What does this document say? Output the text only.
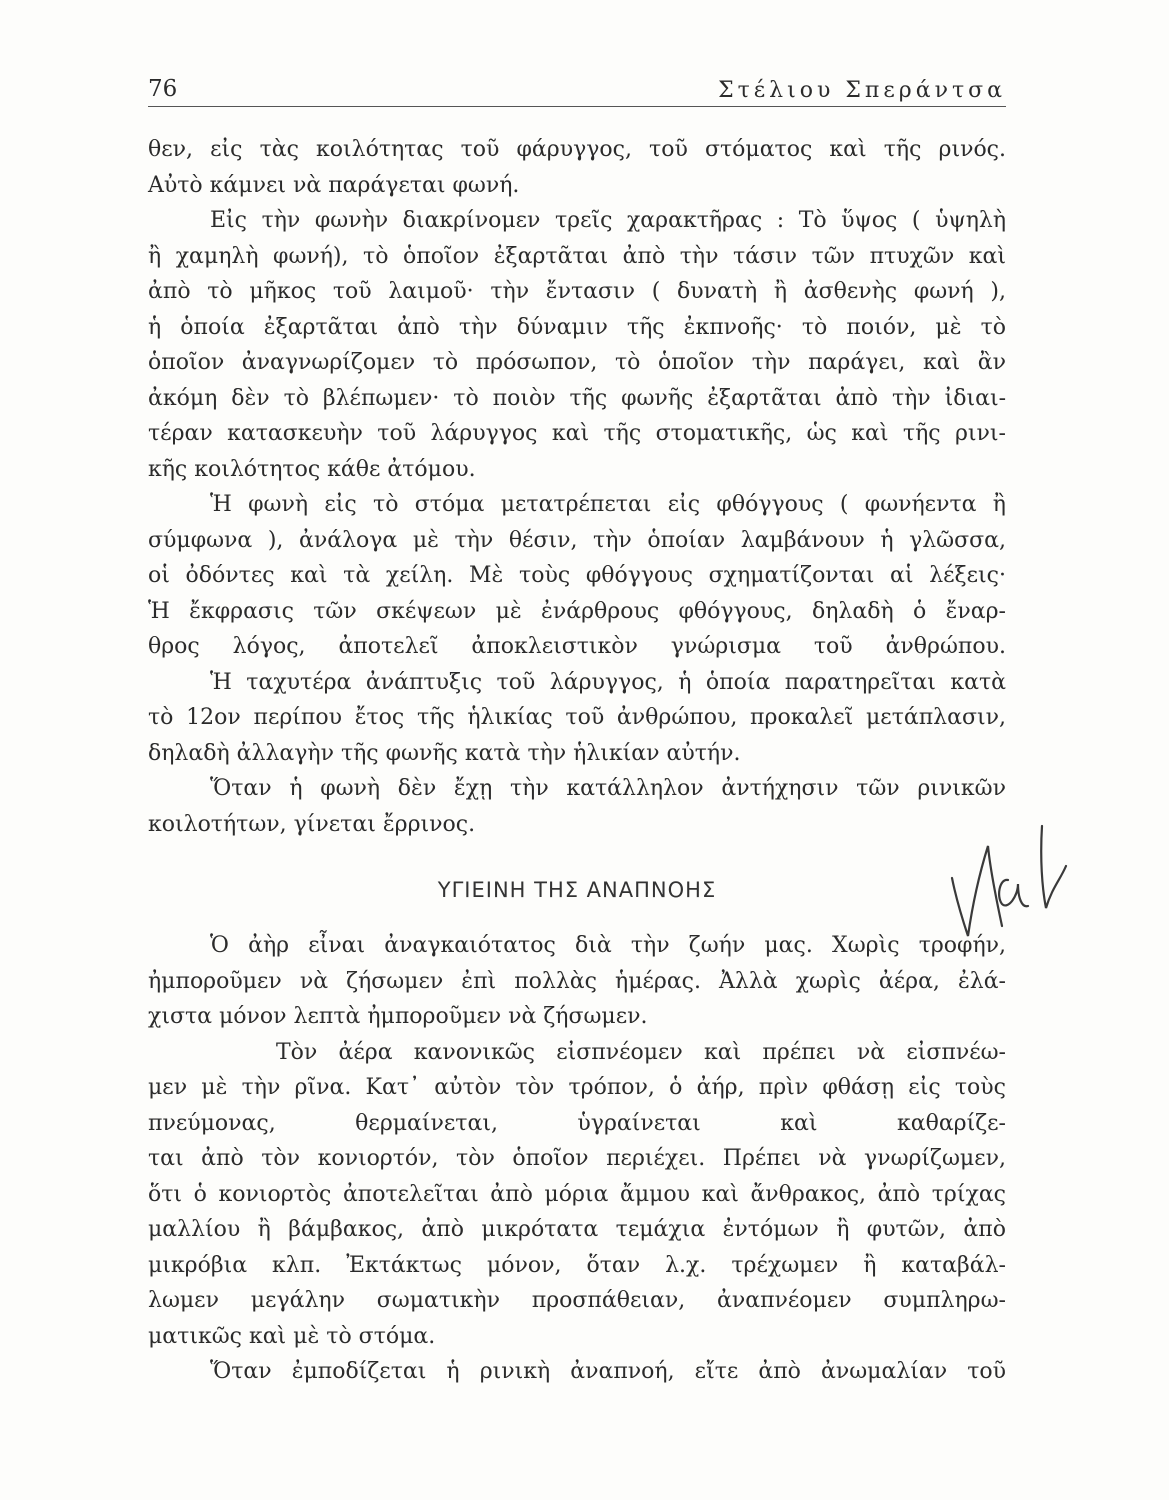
76	Στέλιου Σπεράντσα
θεν, εἰς τὰς κοιλότητας τοῦ φάρυγγος, τοῦ στόματος καὶ τῆς ρινός.
Αὐτὸ κάμνει νὰ παράγεται φωνή.
Εἰς τὴν φωνὴν διακρίνομεν τρεῖς χαρακτῆρας : Τὸ ὕψος ( ὑψηλὴ
ἢ χαμηλὴ φωνή), τὸ ὁποῖον ἐξαρτᾶται ἀπὸ τὴν τάσιν τῶν πτυχῶν καὶ
ἀπὸ τὸ μῆκος τοῦ λαιμοῦ· τὴν ἔντασιν ( δυνατὴ ἢ ἀσθενὴς φωνή ),
ἡ ὁποία ἐξαρτᾶται ἀπὸ τὴν δύναμιν τῆς ἐκπνοῆς· τὸ ποιόν, μὲ τὸ
ὁποῖον ἀναγνωρίζομεν τὸ πρόσωπον, τὸ ὁποῖον τὴν παράγει, καὶ ἂν
ἀκόμη δὲν τὸ βλέπωμεν· τὸ ποιὸν τῆς φωνῆς ἐξαρτᾶται ἀπὸ τὴν ἰδιαι-
τέραν κατασκευὴν τοῦ λάρυγγος καὶ τῆς στοματικῆς, ὡς καὶ τῆς ρινι-
κῆς κοιλότητος κάθε ἀτόμου.
Ἡ φωνὴ εἰς τὸ στόμα μετατρέπεται εἰς φθόγγους ( φωνήεντα ἢ
σύμφωνα ), ἀνάλογα μὲ τὴν θέσιν, τὴν ὁποίαν λαμβάνουν ἡ γλῶσσα,
οἱ ὀδόντες καὶ τὰ χείλη. Μὲ τοὺς φθόγγους σχηματίζονται αἱ λέξεις·
Ἡ ἔκφρασις τῶν σκέψεων μὲ ἐνάρθρους φθόγγους, δηλαδὴ ὁ ἔναρ-
θρος λόγος, ἀποτελεῖ ἀποκλειστικὸν γνώρισμα τοῦ ἀνθρώπου.
Ἡ ταχυτέρα ἀνάπτυξις τοῦ λάρυγγος, ἡ ὁποία παρατηρεῖται κατὰ
τὸ 12ον περίπου ἔτος τῆς ἡλικίας τοῦ ἀνθρώπου, προκαλεῖ μετάπλασιν,
δηλαδὴ ἀλλαγὴν τῆς φωνῆς κατὰ τὴν ἡλικίαν αὐτήν.
Ὅταν ἡ φωνὴ δὲν ἔχῃ τὴν κατάλληλον ἀντήχησιν τῶν ρινικῶν
κοιλοτήτων, γίνεται ἔρρινος.
ΥΓΙΕΙΝΗ ΤΗΣ ΑΝΑΠΝΟΗΣ
Ὁ ἀὴρ εἶναι ἀναγκαιότατος διὰ τὴν ζωήν μας. Χωρὶς τροφήν,
ἠμποροῦμεν νὰ ζήσωμεν ἐπὶ πολλὰς ἡμέρας. Ἀλλὰ χωρὶς ἀέρα, ἐλά-
χιστα μόνον λεπτὰ ἠμποροῦμεν νὰ ζήσωμεν.
Τὸν ἀέρα κανονικῶς εἰσπνέομεν καὶ πρέπει νὰ εἰσπνέω-
μεν μὲ τὴν ρῖνα. Κατ᾽ αὐτὸν τὸν τρόπον, ὁ ἀήρ, πρὶν φθάσῃ εἰς τοὺς
πνεύμονας, θερμαίνεται, ὑγραίνεται καὶ καθαρίζε-
ται ἀπὸ τὸν κονιορτόν, τὸν ὁποῖον περιέχει. Πρέπει νὰ γνωρίζωμεν,
ὅτι ὁ κονιορτὸς ἀποτελεῖται ἀπὸ μόρια ἄμμου καὶ ἄνθρακος, ἀπὸ τρίχας
μαλλίου ἢ βάμβακος, ἀπὸ μικρότατα τεμάχια ἐντόμων ἢ φυτῶν, ἀπὸ
μικρόβια κλπ. Ἐκτάκτως μόνον, ὅταν λ.χ. τρέχωμεν ἢ καταβάλ-
λωμεν μεγάλην σωματικὴν προσπάθειαν, ἀναπνέομεν συμπληρω-
ματικῶς καὶ μὲ τὸ στόμα.
Ὅταν ἐμποδίζεται ἡ ρινικὴ ἀναπνοή, εἴτε ἀπὸ ἀνωμαλίαν τοῦ
